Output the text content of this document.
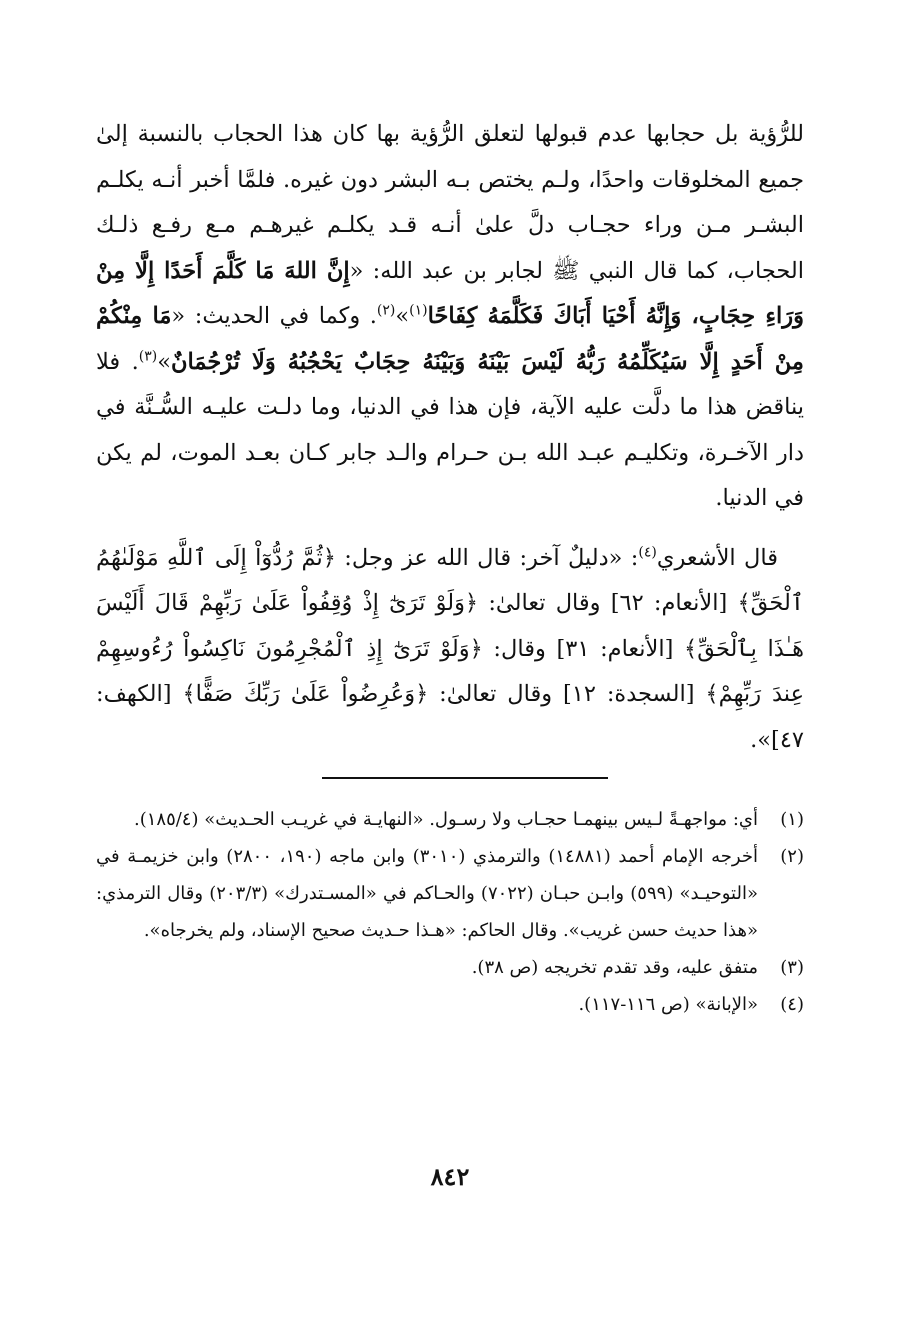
للرُّؤية بل حجابها عدم قبولها لتعلق الرُّؤية بها كان هذا الحجاب بالنسبة إلىٰ جميع المخلوقات واحدًا، ولـم يختص بـه البشر دون غيره. فلمَّا أخبر أنـه يكلـم البشـر مـن وراء حجـاب دلَّ علىٰ أنـه قـد يكلـم غيرهـم مـع رفـع ذلـك الحجاب، كما قال النبي ﷺ لجابر بن عبد الله: «إِنَّ اللهَ مَا كَلَّمَ أَحَدًا إِلَّا مِنْ وَرَاءِ حِجَابٍ، وَإِنَّهُ أَحْيَا أَبَاكَ فَكَلَّمَهُ كِفَاحًا$^{(١)}$»$^{(٢)}$. وكما في الحديث: «مَا مِنْكُمْ مِنْ أَحَدٍ إِلَّا سَيُكَلِّمُهُ رَبُّهُ لَيْسَ بَيْنَهُ وَبَيْنَهُ حِجَابٌ يَحْجُبُهُ وَلَا تُرْجُمَانٌ»$^{(٣)}$. فلا يناقض هذا ما دلَّت عليه الآية، فإن هذا في الدنيا، وما دلـت عليـه السُّـنَّة في دار الآخـرة، وتكليـم عبـد الله بـن حـرام والـد جابر كـان بعـد الموت، لم يكن في الدنيا.

قال الأشعري$^{(٤)}$: «دليلٌ آخر: قال الله عز وجل: ﴿ثُمَّ رُدُّوٓاْ إِلَى ٱللَّهِ مَوْلَىٰهُمُ ٱلْحَقِّ﴾ [الأنعام: ٦٢] وقال تعالىٰ: ﴿وَلَوْ تَرَىٰٓ إِذْ وُقِفُواْ عَلَىٰ رَبِّهِمْ قَالَ أَلَيْسَ هَـٰذَا بِٱلْحَقِّ﴾ [الأنعام: ٣١] وقال: ﴿وَلَوْ تَرَىٰٓ إِذِ ٱلْمُجْرِمُونَ نَاكِسُواْ رُءُوسِهِمْ عِندَ رَبِّهِمْ﴾ [السجدة: ١٢] وقال تعالىٰ: ﴿وَعُرِضُواْ عَلَىٰ رَبِّكَ صَفًّا﴾ [الكهف: ٤٧]».

(١)
أي: مواجهـةً لـيس بينهمـا حجـاب ولا رسـول. «النهايـة في غريـب الحـديث» (١٨٥/٤).
(٢)
أخرجه الإمام أحمد (١٤٨٨١) والترمذي (٣٠١٠) وابن ماجه (١٩٠، ٢٨٠٠) وابن خزيمـة في «التوحيـد» (٥٩٩) وابـن حبـان (٧٠٢٢) والحـاكم في «المسـتدرك» (٢٠٣/٣) وقال الترمذي: «هذا حديث حسن غريب». وقال الحاكم: «هـذا حـديث صحيح الإسناد، ولم يخرجاه».
(٣)
متفق عليه، وقد تقدم تخريجه (ص ٣٨).
(٤)
«الإبانة» (ص ١١٦-١١٧).
٨٤٢
